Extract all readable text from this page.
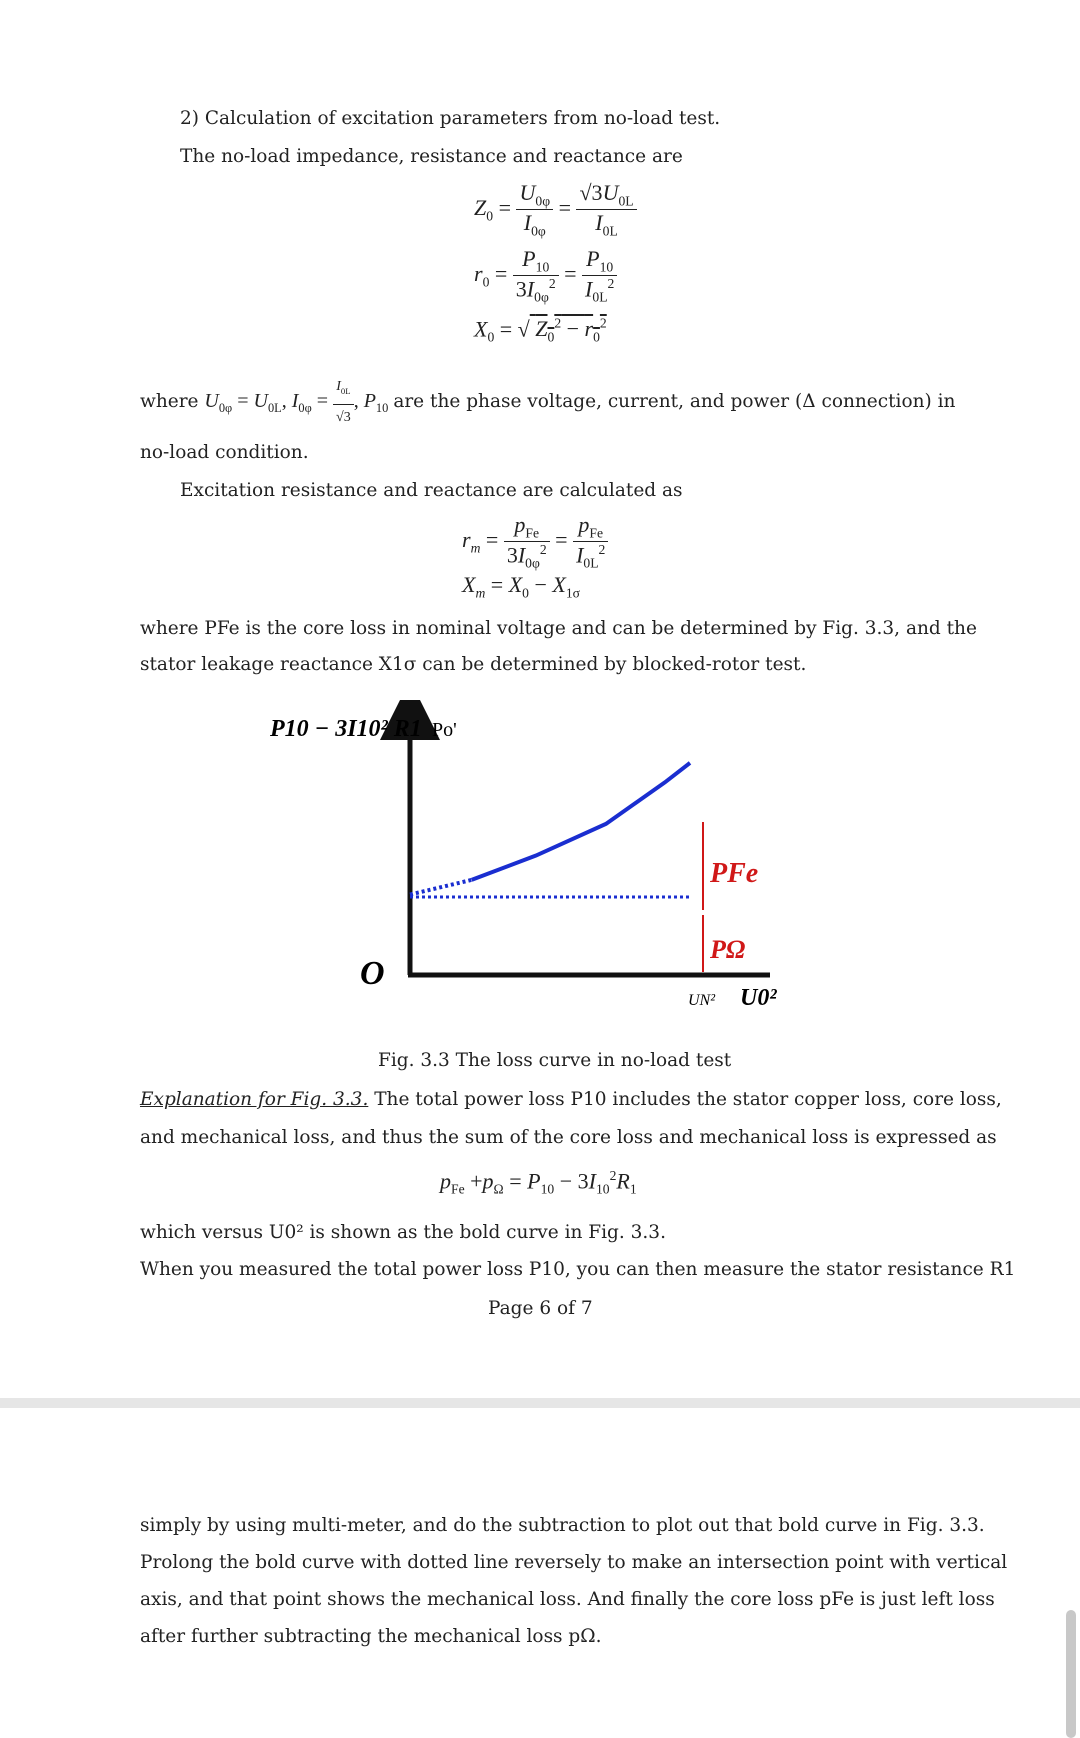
2) Calculation of excitation parameters from no-load test.
The no-load impedance, resistance and reactance are
$Z_0 = \frac{U_{0\varphi}}{I_{0\varphi}} = \frac{√3U_{0L}}{I_{0L}}$
$r_0 = \frac{P_{10}}{3I_{0\varphi}^2} = \frac{P_{10}}{I_{0L}^2}$
$X_0$ = √ $Z_0^2 - r_0^2$
where $U_{0\varphi} = U_{0L}$, $I_{0\varphi} = \frac{I_{0L}}{√3}$ , $P_{10}$ are the phase voltage, current, and power (Δ connection) in
no-load condition.
Excitation resistance and reactance are calculated as
$r_m = \frac{p_{Fe}}{3I_{0\varphi}^2} = \frac{p_{Fe}}{I_{0L}^2}$
$X_m = X_0 - X_{1\sigma}$
where PFe is the core loss in nominal voltage and can be determined by Fig. 3.3, and the
stator leakage reactance X1σ can be determined by blocked-rotor test.
P10 − 3I10² R1 Po'
O
U0²
UN²
PFe
PΩ
Fig. 3.3 The loss curve in no-load test
Explanation for Fig. 3.3. The total power loss P10 includes the stator copper loss, core loss,
and mechanical loss, and thus the sum of the core loss and mechanical loss is expressed as
$p_{Fe} +p_\Omega = P_{10} - 3I_{10}^2R_1$
which versus U0² is shown as the bold curve in Fig. 3.3.
When you measured the total power loss P10, you can then measure the stator resistance R1
Page 6 of 7
simply by using multi-meter, and do the subtraction to plot out that bold curve in Fig. 3.3.
Prolong the bold curve with dotted line reversely to make an intersection point with vertical
axis, and that point shows the mechanical loss. And finally the core loss pFe is just left loss
after further subtracting the mechanical loss pΩ.
